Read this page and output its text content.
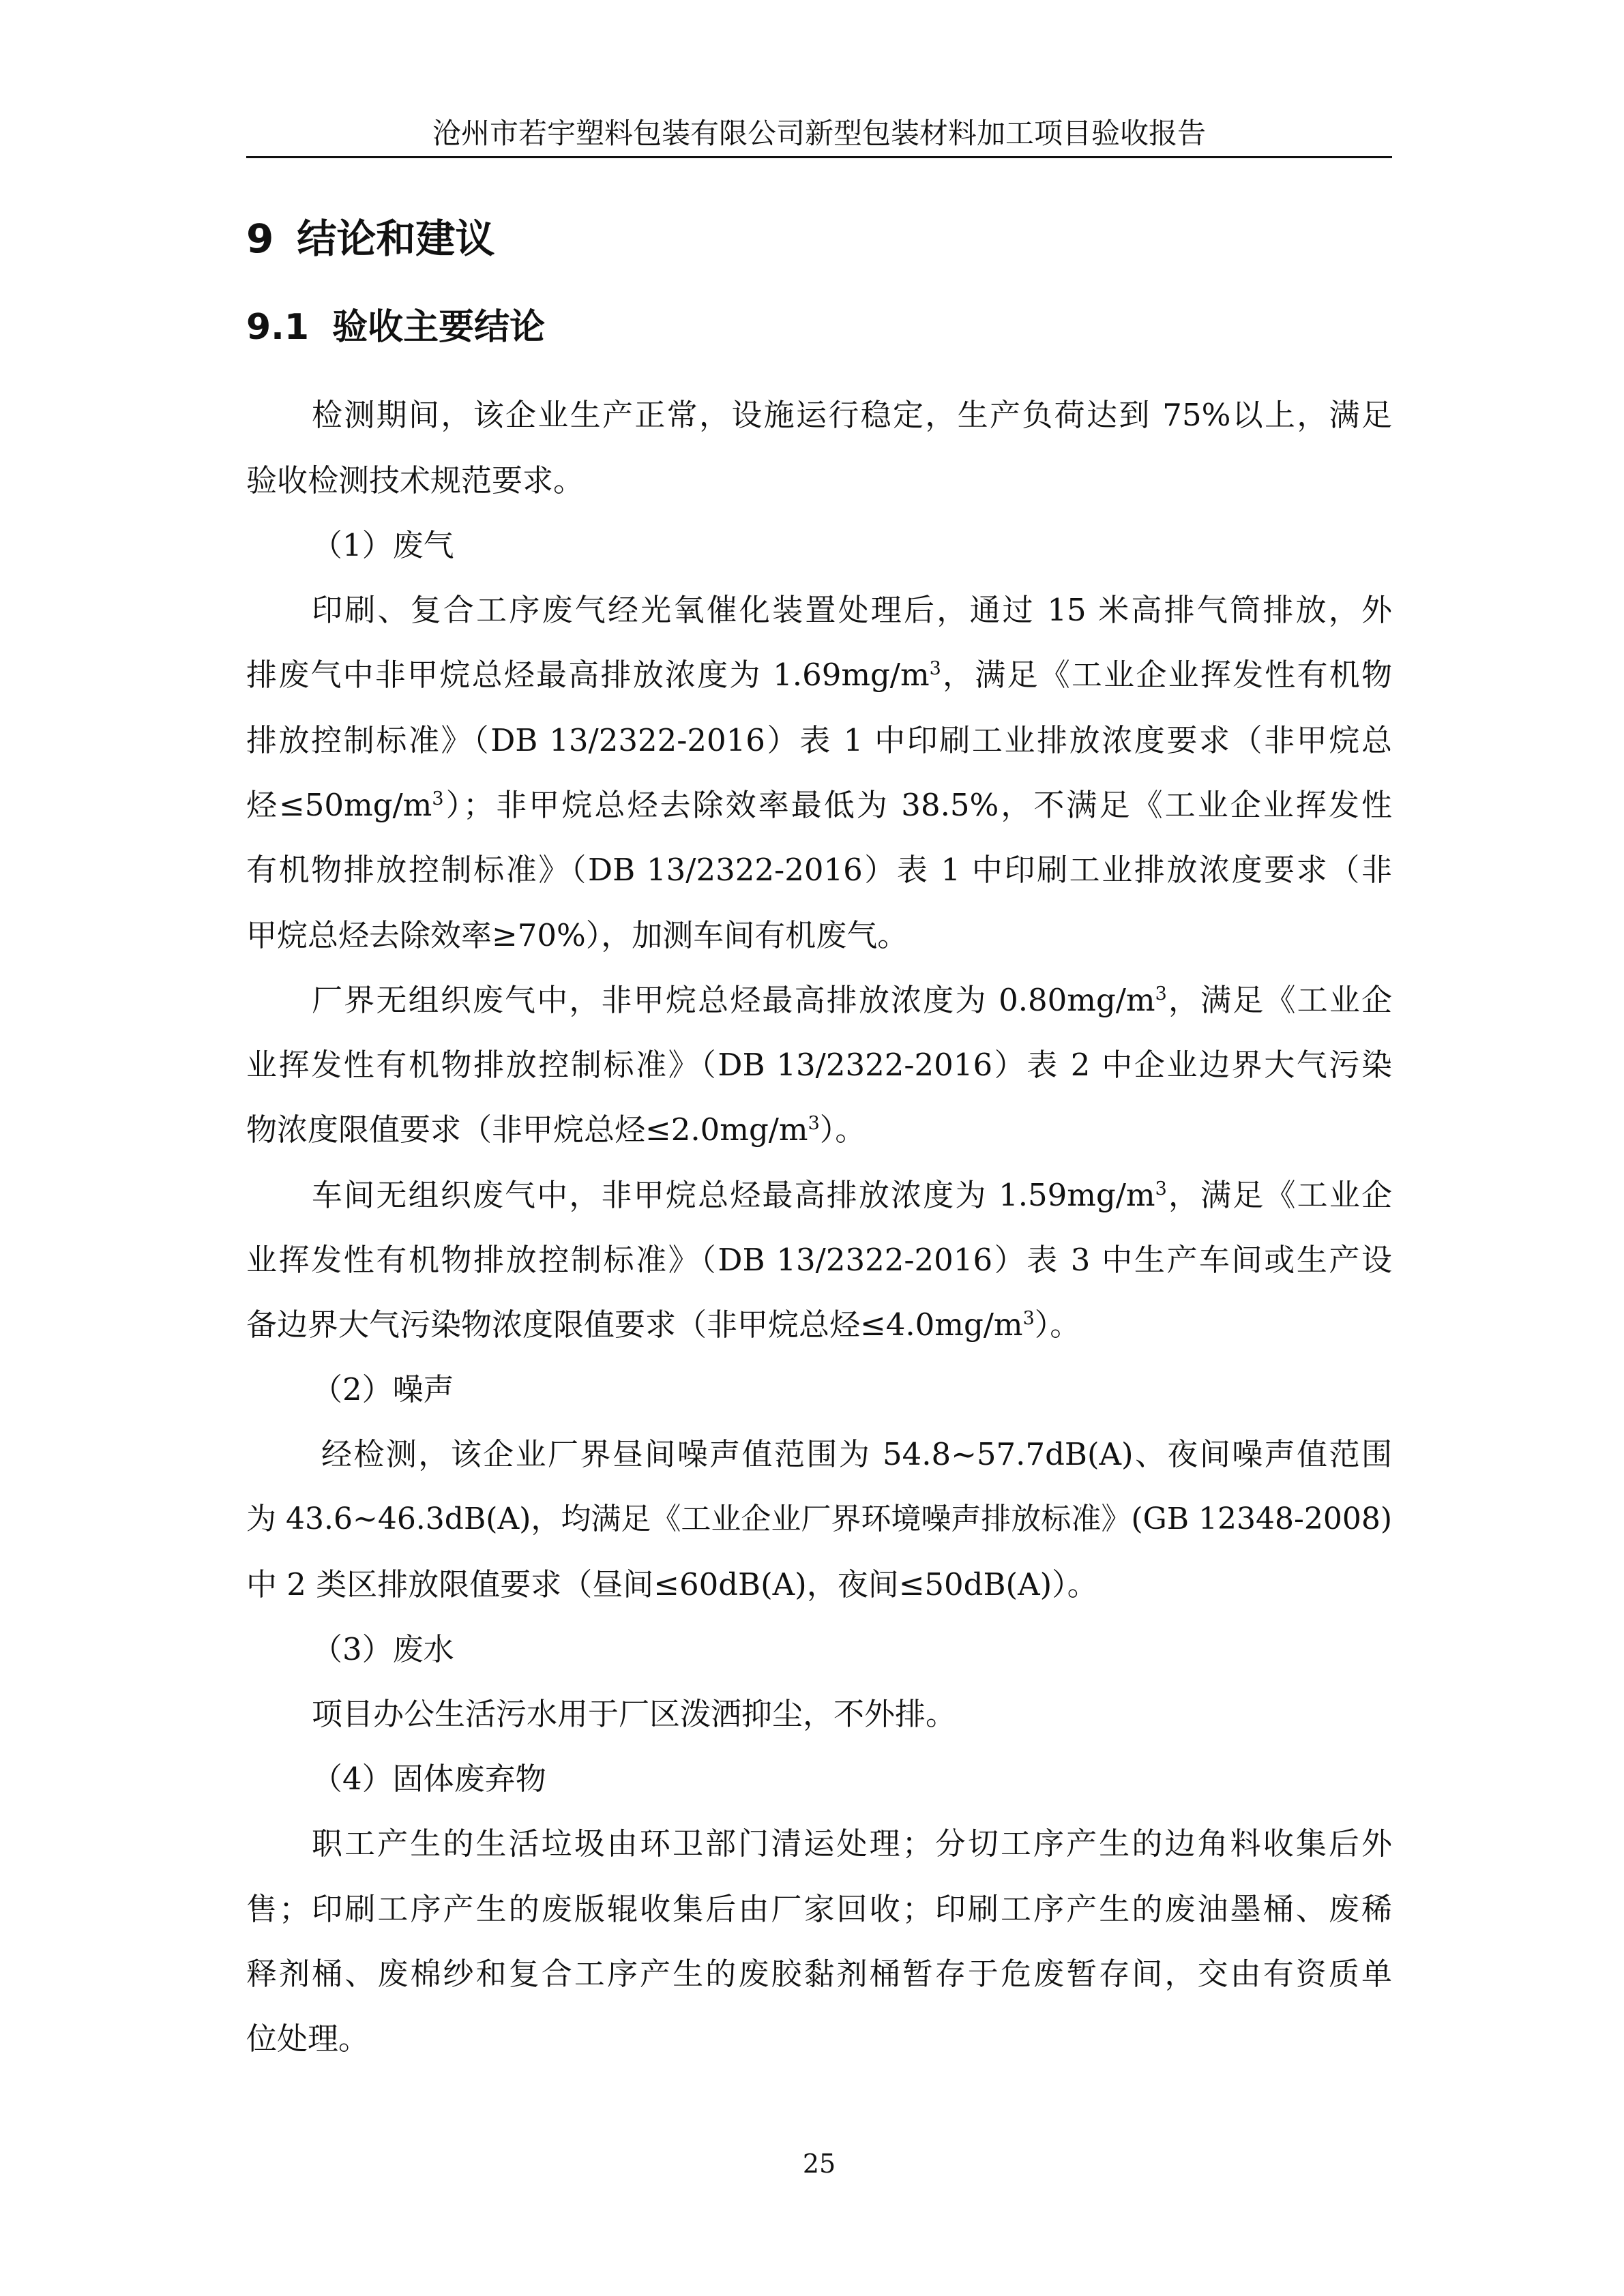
沧州市若宇塑料包装有限公司新型包装材料加工项目验收报告
9 结论和建议
9.1 验收主要结论
检测期间，该企业生产正常，设施运行稳定，生产负荷达到 75%以上，满足
验收检测技术规范要求。
（1）废气
印刷、复合工序废气经光氧催化装置处理后，通过 15 米高排气筒排放，外
排废气中非甲烷总烃最高排放浓度为 $1.69mg/m^3$，满足《工业企业挥发性有机物
排放控制标准》（DB 13/2322-2016）表 1 中印刷工业排放浓度要求（非甲烷总
烃$\le 50mg/m^3$）；非甲烷总烃去除效率最低为 38.5%，不满足《工业企业挥发性
有机物排放控制标准》（DB 13/2322-2016）表 1 中印刷工业排放浓度要求（非
甲烷总烃去除效率≥70%），加测车间有机废气。
厂界无组织废气中，非甲烷总烃最高排放浓度为 $0.80mg/m^3$，满足《工业企
业挥发性有机物排放控制标准》（DB 13/2322-2016）表 2 中企业边界大气污染
物浓度限值要求（非甲烷总烃$\le 2.0mg/m^3$）。
车间无组织废气中，非甲烷总烃最高排放浓度为 $1.59mg/m^3$，满足《工业企
业挥发性有机物排放控制标准》（DB 13/2322-2016）表 3 中生产车间或生产设
备边界大气污染物浓度限值要求（非甲烷总烃$\le 4.0mg/m^3$）。
（2）噪声
经检测，该企业厂界昼间噪声值范围为 54.8~57.7dB(A)、夜间噪声值范围
为 43.6~46.3dB(A)，均满足《工业企业厂界环境噪声排放标准》(GB 12348-2008)
中 2 类区排放限值要求（昼间≤60dB(A)，夜间≤50dB(A)）。
（3）废水
项目办公生活污水用于厂区泼洒抑尘，不外排。
（4）固体废弃物
职工产生的生活垃圾由环卫部门清运处理；分切工序产生的边角料收集后外
售；印刷工序产生的废版辊收集后由厂家回收；印刷工序产生的废油墨桶、废稀
释剂桶、废棉纱和复合工序产生的废胶黏剂桶暂存于危废暂存间，交由有资质单
位处理。
25
